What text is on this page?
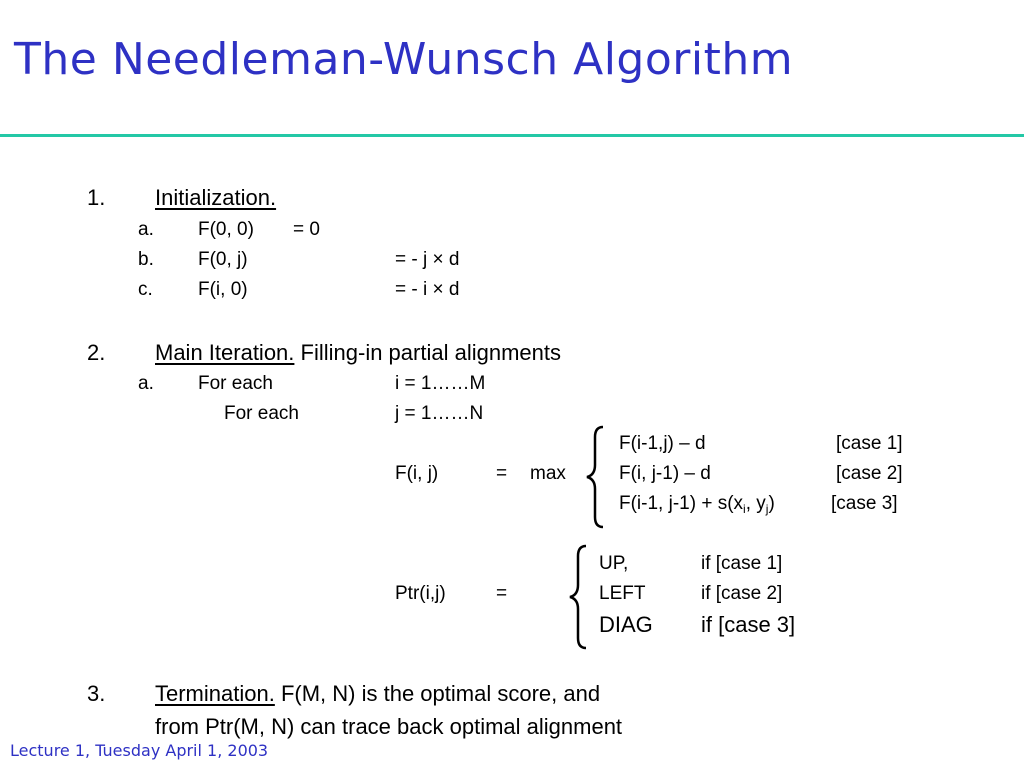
The Needleman-Wunsch Algorithm
1. Initialization.
a. F(0, 0) = 0
b. F(0, j)	= - j × d
c. F(i, 0)	= - i × d
2. Main Iteration. Filling-in partial alignments
a. For each	i = 1……M
For each	j = 1……N
F(i, j)	= max
F(i-1,j) – d	[case 1]
F(i, j-1) – d	[case 2]
F(i-1, $j-1) + s(x_i$, $y_j$)	[case 3]
Ptr(i,j)	=
UP,	if [case 1]
LEFT	if [case 2]
DIAG if [case 3]
3. Termination. F(M, N) is the optimal score, and
from Ptr(M, N) can trace back optimal alignment
Lecture 1, Tuesday April 1, 2003
